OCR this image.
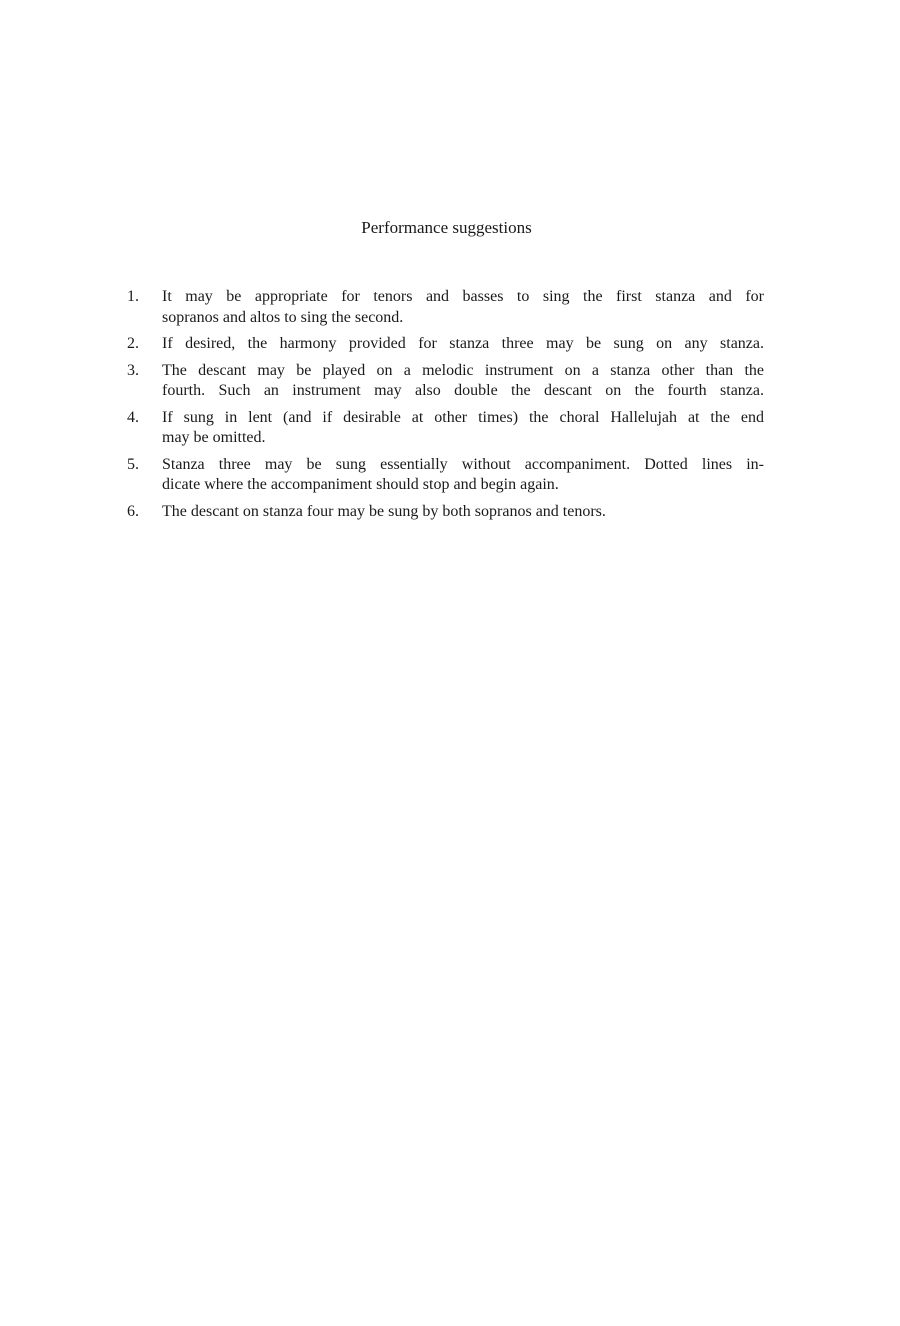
Performance suggestions
1.	It may be appropriate for tenors and basses to sing the first stanza and for
sopranos and altos to sing the second.
2.	If desired, the harmony provided for stanza three may be sung on any stanza.
3.	The descant may be played on a melodic instrument on a stanza other than the
fourth. Such an instrument may also double the descant on the fourth stanza.
4.	If sung in lent (and if desirable at other times) the choral Hallelujah at the end
may be omitted.
5.	Stanza three may be sung essentially without accompaniment. Dotted lines in-
dicate where the accompaniment should stop and begin again.
6.	The descant on stanza four may be sung by both sopranos and tenors.
